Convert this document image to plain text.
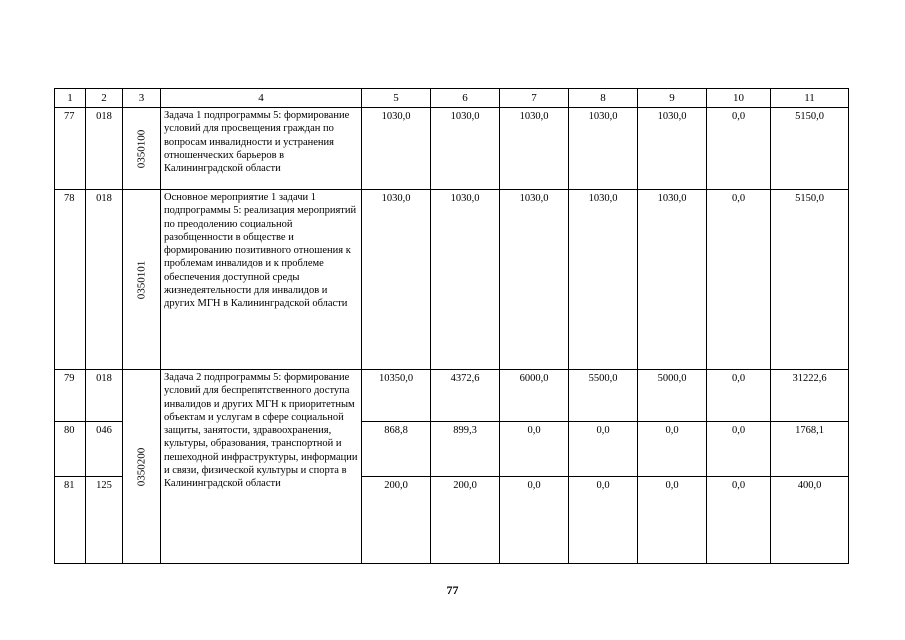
1	2	3	4	5	6	7	8	9	10	11
77	018	0350100	Задача 1 подпрограммы 5: формирование условий для просвещения граждан по вопросам инвалидности и устранения отношенческих барьеров в Калининградской области	1030,0	1030,0	1030,0	1030,0	1030,0	0,0	5150,0
78	018	0350101	Основное мероприятие 1 задачи 1 подпрограммы 5: реализация мероприятий по преодолению социальной разобщенности в обществе и формированию позитивного отношения к проблемам инвалидов и к проблеме обеспечения доступной среды жизнедеятельности для инвалидов и других МГН в Калининградской области	1030,0	1030,0	1030,0	1030,0	1030,0	0,0	5150,0
79	018	0350200	Задача 2 подпрограммы 5: формирование условий для беспрепятственного доступа инвалидов и других МГН к приоритетным объектам и услугам в сфере социальной защиты, занятости, здравоохранения, культуры, образования, транспортной и пешеходной инфраструктуры, информации и связи, физической культуры и спорта в Калининградской области	10350,0	4372,6	6000,0	5500,0	5000,0	0,0	31222,6
80	046			868,8	899,3	0,0	0,0	0,0	0,0	1768,1
81	125			200,0	200,0	0,0	0,0	0,0	0,0	400,0
77
